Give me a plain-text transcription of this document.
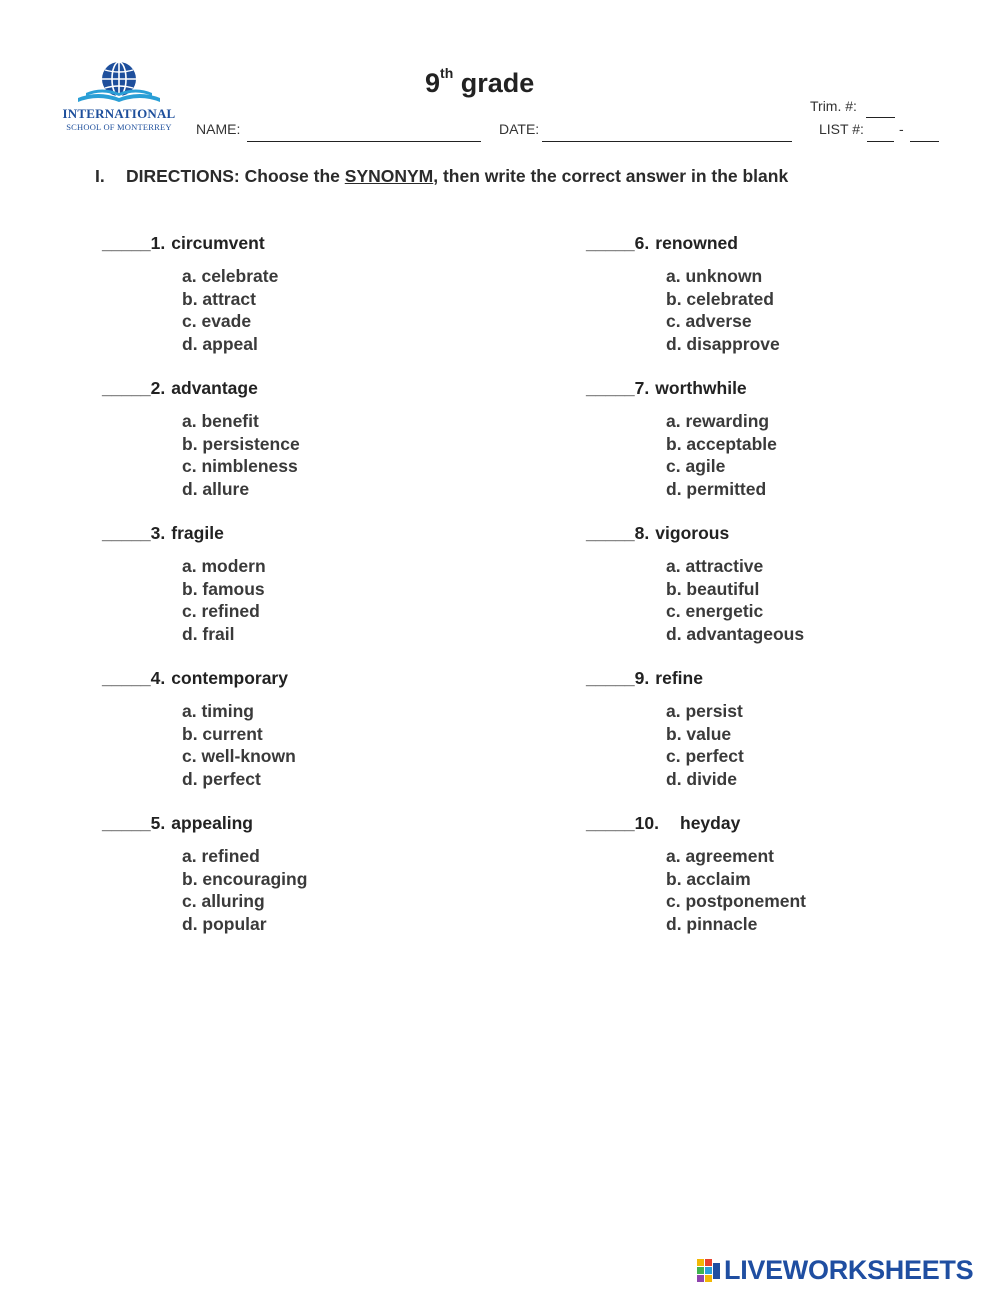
INTERNATIONAL
SCHOOL OF MONTERREY
9th grade
NAME:	DATE:
Trim. #:
LIST #:	-
I. DIRECTIONS: Choose the SYNONYM, then write the correct answer in the blank
_____1. circumvent
a. celebrate
b. attract
c. evade
d. appeal
_____2. advantage
a. benefit
b. persistence
c. nimbleness
d. allure
_____3. fragile
a. modern
b. famous
c. refined
d. frail
_____4. contemporary
a. timing
b. current
c. well-known
d. perfect
_____5. appealing
a. refined
b. encouraging
c. alluring
d. popular
_____6. renowned
a. unknown
b. celebrated
c. adverse
d. disapprove
_____7. worthwhile
a. rewarding
b. acceptable
c. agile
d. permitted
_____8. vigorous
a. attractive
b. beautiful
c. energetic
d. advantageous
_____9. refine
a. persist
b. value
c. perfect
d. divide
_____10. heyday
a. agreement
b. acclaim
c. postponement
d. pinnacle
LIVEWORKSHEETS
